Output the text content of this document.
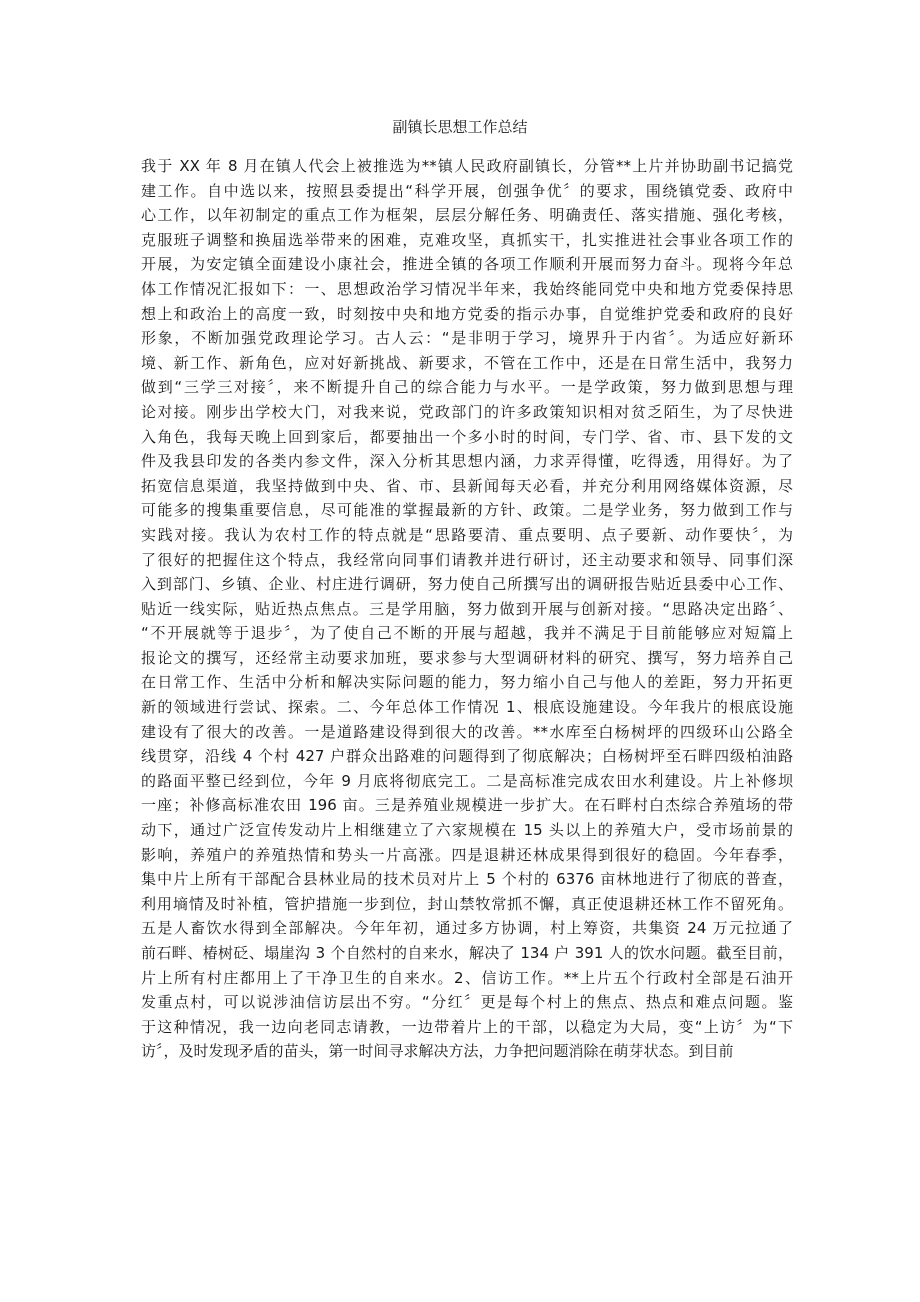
副镇长思想工作总结
我于 XX 年 8 月在镇人代会上被推选为**镇人民政府副镇长，分管**上片并协助副书记搞党
建工作。自中选以来，按照县委提出“科学开展，创强争优〞的要求，围绕镇党委、政府中
心工作，以年初制定的重点工作为框架，层层分解任务、明确责任、落实措施、强化考核，
克服班子调整和换届选举带来的困难，克难攻坚，真抓实干，扎实推进社会事业各项工作的
开展，为安定镇全面建设小康社会，推进全镇的各项工作顺利开展而努力奋斗。现将今年总
体工作情况汇报如下：一、思想政治学习情况半年来，我始终能同党中央和地方党委保持思
想上和政治上的高度一致，时刻按中央和地方党委的指示办事，自觉维护党委和政府的良好
形象，不断加强党政理论学习。古人云：“是非明于学习，境界升于内省〞。为适应好新环
境、新工作、新角色，应对好新挑战、新要求，不管在工作中，还是在日常生活中，我努力
做到“三学三对接〞，来不断提升自己的综合能力与水平。一是学政策，努力做到思想与理
论对接。刚步出学校大门，对我来说，党政部门的许多政策知识相对贫乏陌生，为了尽快进
入角色，我每天晚上回到家后，都要抽出一个多小时的时间，专门学、省、市、县下发的文
件及我县印发的各类内参文件，深入分析其思想内涵，力求弄得懂，吃得透，用得好。为了
拓宽信息渠道，我坚持做到中央、省、市、县新闻每天必看，并充分利用网络媒体资源，尽
可能多的搜集重要信息，尽可能准的掌握最新的方针、政策。二是学业务，努力做到工作与
实践对接。我认为农村工作的特点就是“思路要清、重点要明、点子要新、动作要快〞，为
了很好的把握住这个特点，我经常向同事们请教并进行研讨，还主动要求和领导、同事们深
入到部门、乡镇、企业、村庄进行调研，努力使自己所撰写出的调研报告贴近县委中心工作、
贴近一线实际，贴近热点焦点。三是学用脑，努力做到开展与创新对接。“思路决定出路〞、
“不开展就等于退步〞，为了使自己不断的开展与超越，我并不满足于目前能够应对短篇上
报论文的撰写，还经常主动要求加班，要求参与大型调研材料的研究、撰写，努力培养自己
在日常工作、生活中分析和解决实际问题的能力，努力缩小自己与他人的差距，努力开拓更
新的领域进行尝试、探索。二、今年总体工作情况 1、根底设施建设。今年我片的根底设施
建设有了很大的改善。一是道路建设得到很大的改善。**水库至白杨树坪的四级环山公路全
线贯穿，沿线 4 个村 427 户群众出路难的问题得到了彻底解决；白杨树坪至石畔四级柏油路
的路面平整已经到位，今年 9 月底将彻底完工。二是高标准完成农田水利建设。片上补修坝
一座；补修高标准农田 196 亩。三是养殖业规模进一步扩大。在石畔村白杰综合养殖场的带
动下，通过广泛宣传发动片上相继建立了六家规模在 15 头以上的养殖大户，受市场前景的
影响，养殖户的养殖热情和势头一片高涨。四是退耕还林成果得到很好的稳固。今年春季，
集中片上所有干部配合县林业局的技术员对片上 5 个村的 6376 亩林地进行了彻底的普查，
利用墒情及时补植，管护措施一步到位，封山禁牧常抓不懈，真正使退耕还林工作不留死角。
五是人畜饮水得到全部解决。今年年初，通过多方协调，村上筹资，共集资 24 万元拉通了
前石畔、椿树砭、塌崖沟 3 个自然村的自来水，解决了 134 户 391 人的饮水问题。截至目前，
片上所有村庄都用上了干净卫生的自来水。2、信访工作。**上片五个行政村全部是石油开
发重点村，可以说涉油信访层出不穷。“分红〞更是每个村上的焦点、热点和难点问题。鉴
于这种情况，我一边向老同志请教，一边带着片上的干部，以稳定为大局，变“上访〞为“下
访〞，及时发现矛盾的苗头，第一时间寻求解决方法，力争把问题消除在萌芽状态。到目前
